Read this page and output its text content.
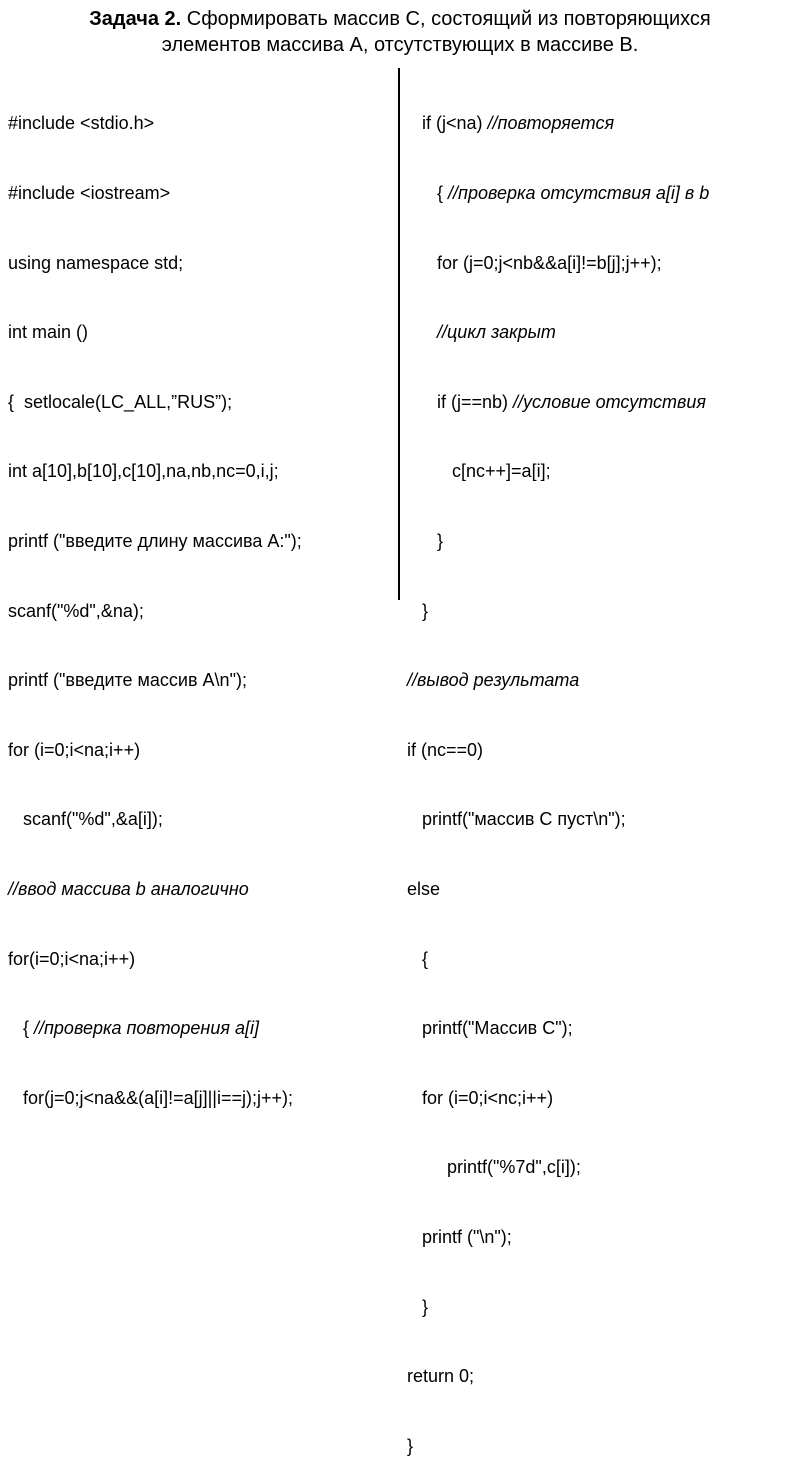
Задача 2. Сформировать массив С, состоящий из повторяющихся
элементов массива А, отсутствующих в массиве В.

#include <stdio.h>

#include <iostream>

using namespace std;

int main ()

{  setlocale(LC_ALL,”RUS”);

int a[10],b[10],c[10],na,nb,nc=0,i,j;

printf ("введите длину массива А:");

scanf("%d",&na);

printf ("введите массив А\n");

for (i=0;i<na;i++)

scanf("%d",&a[i]);

//ввод массива b аналогично

for(i=0;i<na;i++)

{ //проверка повторения a[i]

for(j=0;j<na&&(a[i]!=a[j]||i==j);j++);

if (j<na) //повторяется

{ //проверка отсутствия a[i] в b

for (j=0;j<nb&&a[i]!=b[j];j++);

//цикл закрыт

if (j==nb) //условие отсутствия

c[nc++]=a[i];

}

}

//вывод результата

if (nc==0)

printf("массив С пуст\n");

else

{

printf("Массив С");

for (i=0;i<nc;i++)

printf("%7d",c[i]);

printf ("\n");

}

return 0;

}
